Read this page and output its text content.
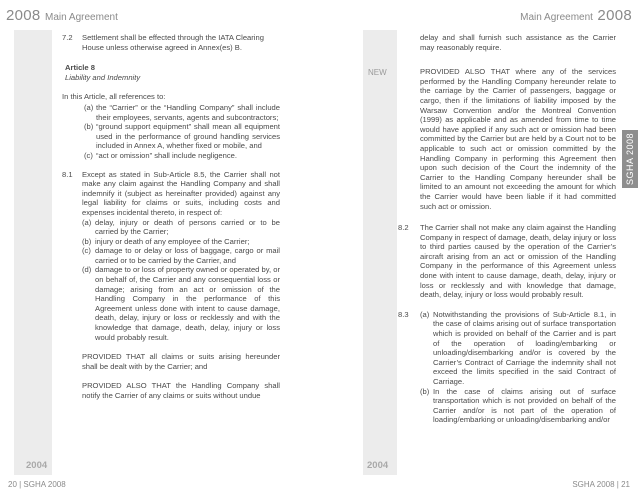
2008 Main Agreement	Main Agreement 2008
2004	2004
NEW
SGHA 2008
7.2	Settlement shall be effected through the IATA Clearing
House unless otherwise agreed in Annex(es) B.
Article 8
Liability and Indemnity
In this Article, all references to:
(a) the “Carrier” or the “Handling Company” shall include their employees, servants, agents and subcontractors;
(b) “ground support equipment” shall mean all equipment used in the performance of ground handling services included in Annex A, whether fixed or mobile, and
(c) “act or omission” shall include negligence.
8.1	Except as stated in Sub-Article 8.5, the Carrier shall not make any claim against the Handling Company and shall indemnify it (subject as hereinafter provided) against any legal liability for claims or suits, including costs and expenses incidental thereto, in respect of:
(a) delay, injury or death of persons carried or to be carried by the Carrier;
(b) injury or death of any employee of the Carrier;
(c) damage to or delay or loss of baggage, cargo or mail carried or to be carried by the Carrier, and
(d) damage to or loss of property owned or operated by, or on behalf of, the Carrier and any consequential loss or damage; arising from an act or omission of the Handling Company in the performance of this Agreement unless done with intent to cause damage, death, delay, injury or loss or recklessly and with the knowledge that damage, death, delay, injury or loss would probably result.
PROVIDED THAT all claims or suits arising hereunder shall be dealt with by the Carrier; and
PROVIDED ALSO THAT the Handling Company shall notify the Carrier of any claims or suits without undue
delay and shall furnish such assistance as the Carrier may reasonably require.
PROVIDED ALSO THAT where any of the services performed by the Handling Company hereunder relate to the carriage by the Carrier of passengers, baggage or cargo, then if the limitations of liability imposed by the Warsaw Convention and/or the Montreal Convention (1999) as applicable and as amended from time to time would have applied if any such act or omission had been committed by the Carrier but are held by a Court not to be applicable to such act or omission committed by the Handling Company in performing this Agreement then upon such decision of the Court the indemnity of the Carrier to the Handling Company hereunder shall be limited to an amount not exceeding the amount for which the Carrier would have been liable if it had committed such act or omission.
8.2	The Carrier shall not make any claim against the Handling Company in respect of damage, death, delay injury or loss to third parties caused by the operation of the Carrier’s aircraft arising from an act or omission of the Handling Company in the performance of this Agreement unless done with intent to cause damage, death, delay, injury or loss or recklessly and with knowledge that damage, death, delay, injury or loss would probably result.
8.3	(a) Notwithstanding the provisions of Sub-Article 8.1, in the case of claims arising out of surface transportation which is provided on behalf of the Carrier and is part of the operation of loading/embarking or unloading/disembarking and/or is covered by the Carrier’s Contract of Carriage the indemnity shall not exceed the limits specified in the said Contract of Carriage.
(b) In the case of claims arising out of surface transportation which is not provided on behalf of the Carrier and/or is not part of the operation of loading/embarking or unloading/disembarking and/or
20 | SGHA 2008	SGHA 2008 | 21
